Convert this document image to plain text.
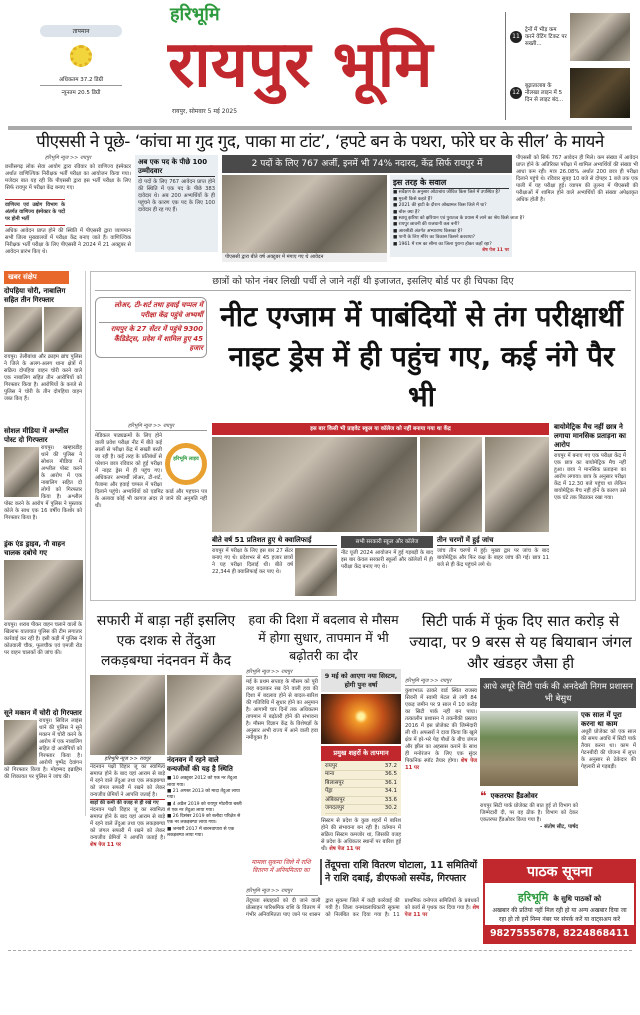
तापमान
अधिकतम 37.2 डिग्री
न्यूनतम 20.5 डिग्री
हरिभूमि
रायपुर भूमि
रायपुर, सोमवार 5 मई 2025
11
ट्रेनों में भीड़ कम करने वेटिंग टिकट पर सख्ती...
12
बूढ़ातालाब के नौलखा लाइन में 5 दिन से लाइट बंद...
पीएससी ने पूछे- ‘कांचा मा गुद गुद, पाका मा टांट’, ‘हपटे बन के पथरा, फोरे घर के सील’ के मायने
हरिभूमि न्यूज >> रायपुर
छत्तीसगढ़ लोक सेवा आयोग द्वारा रविवार को वाणिज्य इंस्पेक्टर अर्थात वाणिज्यिक निरीक्षक भर्ती परीक्षा का आयोजन किया गया। मजेदार बात यह रही कि पीएससी द्वारा इस भर्ती परीक्षा के लिए सिर्फ रायपुर में परीक्षा केंद्र बनाए गए।
वाणिज्य एवं उद्योग विभाग के अंतर्गत वाणिज्य इंस्पेक्टर के पदों पर होनी भर्ती
अधिक आवेदन प्राप्त होने की स्थिति में पीएससी द्वारा व्यापमान सभी जिला मुख्यालयों में परीक्षा केंद्र बनाए जाते हैं। वाणिज्यिक निरीक्षक भर्ती परीक्षा के लिए पीएससी ने 2024 में 21 अक्टूबर से आवेदन प्रारंभ किए थे।
अब एक पद के पीछे 100 उम्मीदवार
दो पदों के लिए 767 आवेदन प्राप्त होने की स्थिति में एक पद के पीछे 383 दावेदार थे। अब 200 अभ्यर्थियों के ही पहुंचने के कारण एक पद के लिए 100 दावेदार ही रह गए हैं।
2 पदों के लिए 767 अर्जी, इनमें भी 74% नदारद, केंद्र सिर्फ रायपुर में
पीएससी द्वारा बीते वर्ष अक्टूबर में मंगाए गए थे आवेदन
इस तरह के सवाल
■ सर्वेक्षण के अनुसार ओटाबांध जीवित किस जिले में उपस्थित है?
■ मुरली किसे कहते हैं?
■ 2021 की हाटी के दौरान ओखामल किस जिले में था?
■ बोरू क्या है?
■ स्वाधू झरिया को झरियान एवं पुरातत्व के प्रयास में लाने का श्रेय किसे जाता है?
■ रायपुर छावनी की राजधानी कब बनी?
■ आरसीडी अंतर्गत अभ्यारण्य किसका है?
■ पानी के लिए मौरेर का विकास किसने करवाया?
■ 1961 में राम का सीमा का जिला पुराना होकर कहाँ रहा?
शेष पेज 11 पर
पीएससी को सिर्फ 767 आवेदन ही मिले। कम संख्या में आवेदन प्राप्त होने के अतिरिक्त परीक्षा में शामिल अभ्यर्थियों की संख्या भी आधा कम रही। मात्र 26.08% अर्थात 200 छात्र ही परीक्षा दिलाने पहुंचे थे। रविवार सुबह 10 बजे से दोपहर 1 बजे तक एक पाली में यह परीक्षा हुई। व्यापम की तुलना में पीएससी की परीक्षाओं में शामिल होने वाले अभ्यर्थियों की संख्या अपेक्षाकृत अधिक होती है।
खबर संक्षेप
दोपहिया चोरी, नाबालिग सहित तीन गिरफ्तार
रायपुर। तेलीबांधा और क्राइम ब्रांच पुलिस ने जिले के अलग-अलग थाना क्षेत्रों में सक्रिय दोपहिया वाहन चोरी करने वाले एक नाबालिग सहित तीन आरोपियों को गिरफ्तार किया है। आरोपियों के कब्जे से पुलिस ने चोरी के तीन दोपहिया वाहन जब्त किए हैं।
सोशल मीडिया में अश्लील पोस्ट दो गिरफ्तार
रायपुर। खम्हारडीह थाने की पुलिस ने सोशल मीडिया में अश्लील पोस्ट करने के आरोप में एक नाबालिग सहित दो लोगों को गिरफ्तार किया है। अश्लील पोस्ट करने के आरोप में पुलिस ने मुस्ताक कोले के साथ एक 16 वर्षीय किशोर को गिरफ्तार किया है।
ड्रंक एंड ड्राइव, नौ वाहन चालक दबोचे गए
रायपुर। शराब पीकर वाहन चलाने वालों के खिलाफ यातायात पुलिस की टीम लगातार कार्रवाई कर रही है। इसी कड़ी में पुलिस ने कोतवाली चौक, फूलचौक एवं एमजी रोड पर वाहन चालकों की जांच की।
सूने मकान में चोरी दो गिरफ्तार
रायपुर। सिविल लाइंस थाने की पुलिस ने सूने मकान में चोरी करने के आरोप में एक नाबालिग सहित दो आरोपियों को गिरफ्तार किया है। आरोपी पुष्पेंद्र देवांगन को गिरफ्तार किया है। मोहम्मद इब्राहिम की शिकायत पर पुलिस ने जांच की।
छात्रों को फोन नंबर लिखी पर्ची ले जाने नहीं थी इजाजत, इसलिए बोर्ड पर ही चिपका दिए
लोअर, टी-शर्ट तथा हवाई चप्पल में परीक्षा केंद्र पहुंचे अभ्यर्थी
रायपुर के 27 सेंटर में पहुंचे 9300 कैंडिडेट्स, प्रदेश में शामिल हुए 45 हजार
नीट एग्जाम में पाबंदियों से तंग परीक्षार्थी नाइट ड्रेस में ही पहुंच गए, कई नंगे पैर भी
हरिभूमि न्यूज >> रायपुर
हरिभूमि लाइव
मेडिकल पाठ्यक्रमों के लिए होने वाली प्रवेश परीक्षा नीट में बीते कई सालों से परीक्षा केंद्र में सख्ती बरती जा रही है। कई तरह के प्रतिबंधों से परेशान छात्र रविवार को हुई परीक्षा में नाइट ड्रेस में ही पहुंच गए। अधिकतर अभ्यर्थी लोअर, टी-शर्ट, पैजामा और हवाई चप्पल में परीक्षा दिलाने पहुंचे। अभ्यर्थियों को एडमिट कार्ड और पहचान पत्र के अलावा कोई भी कागज अंदर ले जाने की अनुमति नहीं थी।
इस बार किसी भी प्राइवेट स्कूल या कॉलेज को नहीं बनाया गया था केंद्र
बीते वर्ष 51 प्रतिशत हुए थे क्वालिफाई
रायपुर में परीक्षा के लिए इस बार 27 सेंटर बनाए गए थे। प्रदेशभर से 45 हजार छात्रों ने यह परीक्षा दिलाई थी। बीते वर्ष 22,344 ही क्वालिफाई कर पाए थे।
सभी सरकारी स्कूल और कॉलेज
नीट यूजी 2024 आयोजन में हुई गड़बड़ी के बाद इस बार केवल सरकारी स्कूलों और कॉलेजों में ही परीक्षा केंद्र बनाए गए थे।
तीन चरणों में हुई जांच
जांच तीन चरणों में हुई। मुख्य द्वार पर जांच के बाद बायोमेट्रिक और फिर कक्ष के बाहर जांच की गई। छात्र 11 बजे से ही केंद्र पहुंचने लगे थे।
बायोमेट्रिक मैच नहीं छात्र ने लगाया मानसिक प्रताड़ना का आरोप
रायपुर में बनाए गए एक परीक्षा केंद्र में एक छात्र का बायोमेट्रिक मैच नहीं हुआ। छात्र ने मानसिक प्रताड़ना का आरोप लगाया। छात्र के अनुसार परीक्षा केंद्र में 12.30 बजे पहुंचा था लेकिन बायोमेट्रिक मैच नहीं होने के कारण उसे एक घंटे तक बिठाकर रखा गया।
सफारी में बाड़ा नहीं इसलिए एक दशक से तेंदुआ लकड़बग्घा नंदनवन में कैद
हरिभूमि न्यूज >> रायपुर
नंदनवन पक्षी विहार जू का स्वामित्व समाप्त होने के बाद यहां आराम से बाड़े में रहने वाले तेंदुआ तथा एक लकड़बग्घा को जंगल सफारी में रखने को लेकर वन्यजीव प्रेमियों ने आपत्ति जताई है।
बाड़ों की कमी की वजह से ही रखे गए
नंदनवन पक्षी विहार जू का स्वामित्व समाप्त होने के बाद यहां आराम से बाड़े में रहने वाले तेंदुआ तथा एक लकड़बग्घा को जंगल सफारी में रखने को लेकर वन्यजीव प्रेमियों ने आपत्ति जताई है। शेष पेज 11 पर
नंदनवन में रहने वाले वन्यजीवों की यह है स्थिति
■ 10 अक्टूबर 2012 को एक नर तेंदुआ लाया गया।
■ 21 अगस्त 2013 को मादा तेंदुआ लाया गया।
■ 4 अप्रैल 2019 को रायपुर मोटरीया बस्ती से एक नर तेंदुआ लाया गया।
■ 26 दिसंबर 2019 को बलौदा परिक्षेत्र से एक नर लकड़बग्घा लाया गया।
■ जनवरी 2017 में बारनवापारा से एक लकड़बग्घा लाया गया।
हवा की दिशा में बदलाव से मौसम में होगा सुधार, तापमान में भी बढ़ोतरी का दौर
हरिभूमि न्यूज >> रायपुर
मई के प्रथम सप्ताह के मौसम को पूरी तरह बदलकर रख देने वाली हवा की दिशा में बदलाव होने से बादल-बारिश की गतिविधि में सुधार होने का अनुमान है। आगामी चार दिनों तक अधिकतम तापमान में बढ़ोतरी होने की संभावना है। मौसम विज्ञान केंद्र के विशेषज्ञों के अनुसार अभी राज्य में आने वाली हवा नमीयुक्त है।
9 मई को आएगा नया सिस्टम, होगी पुनः वर्षा
प्रमुख शहरों के तापमान
रायपुर	37.2
माना	36.5
बिलासपुर	36.1
पेंड्रा	34.1
अंबिकापुर	33.6
जगदलपुर	30.2
सिस्टम से प्रदेश के कुछ शहरों में बारिश होने की संभावना बन रही है। वर्तमान में सक्रिय सिस्टम कमजोर था, जिसकी वजह से प्रदेश के अधिकतर स्थानों पर बारिश हुई थी। शेष पेज 11 पर
सिटी पार्क में फूंक दिए सात करोड़ से ज्यादा, पर 9 बरस से यह बियाबान जंगल और खंडहर जैसा ही
हरिभूमि न्यूज >> रायपुर
कुशाभाऊ ठाकरे वार्ड स्थित राजस्व सिवनी में स्वामी मेटल से लगी 84 एकड़ जमीन पर 9 साल में 10 करोड़ का सिटी पार्क नहीं बन पाया। तत्कालीन प्रशासन ने तकनीकी प्रस्ताव 2016 में इस प्रोजेक्ट की जिम्मेदारी ली थी। अफसरों ने दावा किया कि खुले क्षेत्र में हरे-भरे पेड़ पौधों के बीच जंगल और झील का अहसास कराने के साथ ही मनोरंजन के लिए एक सुंदर पिकनिक स्पॉट तैयार होगा। शेष पेज 11 पर
आधे अधूरे सिटी पार्क की अनदेखी निगम प्रशासन भी बेसुध
❝ एकतरफा हैंडओवर
रायपुर सिटी पार्क प्रोजेक्ट की बात हुई तो विभाग को जिम्मेदारी दी, पर वह ठीक है। विभाग को देकर एकतरफा हैंडओवर किया गया है।
- संतोष सीट, पार्षद
एक साल में पूरा करना था काम
अधूरी प्रोजेक्ट को एक साल की समय अवधि में सिटी पार्क तैयार करना था। काम में गेटनबीदी की योजना में लुप्त के अनुसार से ठेकेदार की गेहलारी से गड़बड़ी।
मामला सुकमा जिले में राशि वितरण में अनियमितता का	तेंदूपत्ता राशि वितरण घोटाला, 11 समितियों ने राशि दबाई, डीएफओ सस्पेंड, गिरफ्तार
हरिभूमि न्यूज >> रायपुर
तेंदूपत्ता संग्राहकों को दी जाने वाली प्रोत्साहन पारिश्रमिक राशि के वितरण में गंभीर अनियमितता पाए जाने पर शासन द्वारा सुकमा जिले में कड़ी कार्रवाई की गयी है। जिला वनमंडलाधिकारी सुकमा को निलंबित कर दिया गया है। 11 प्राथमिक वनोपज समितियों के प्रबंधकों को कार्य से पृथक कर दिया गया है। शेष पेज 11 पर
पाठक सूचना
हरिभूमि के सुधि पाठकों को
अखबार की प्रतियां नहीं मिल रही हो या अन्य अखबार दिया जा रहा हो तो हमें निम्न नंबर पर संपर्क करें या वाट्सअप करें
9827555678, 8224868411
